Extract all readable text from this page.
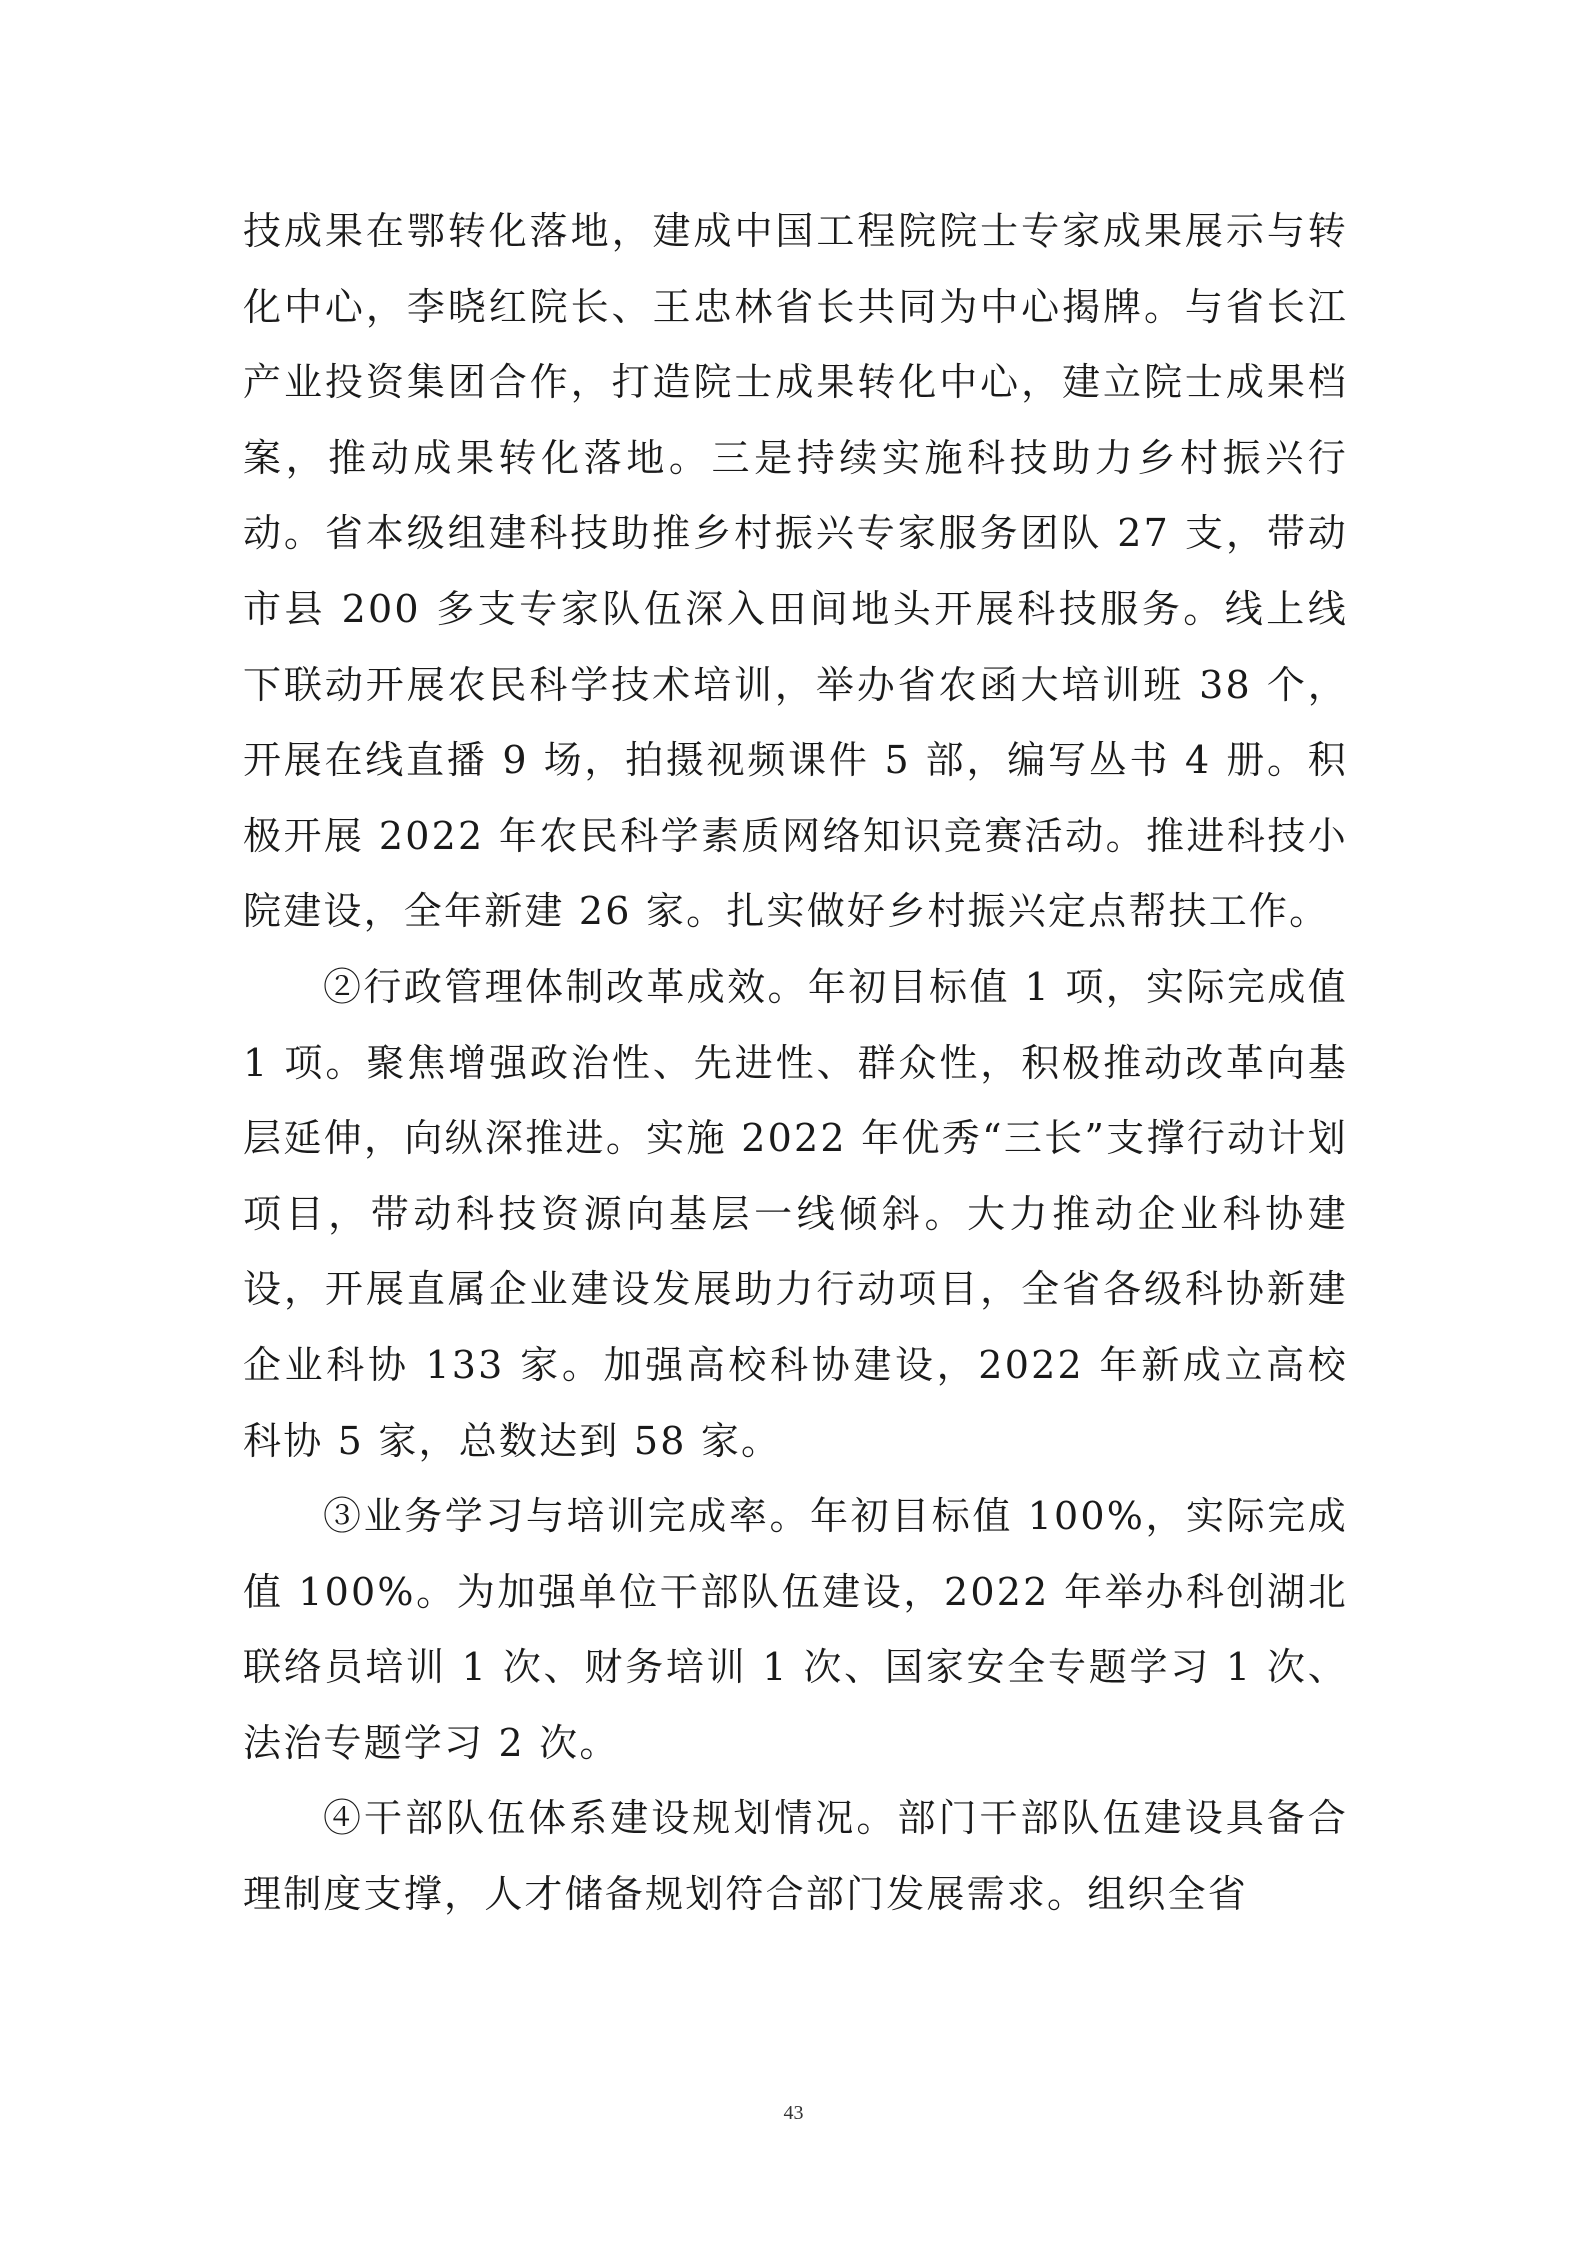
技成果在鄂转化落地，建成中国工程院院士专家成果展示与转化中心，李晓红院长、王忠林省长共同为中心揭牌。与省长江产业投资集团合作，打造院士成果转化中心，建立院士成果档案，推动成果转化落地。三是持续实施科技助力乡村振兴行动。省本级组建科技助推乡村振兴专家服务团队 27 支，带动市县 200 多支专家队伍深入田间地头开展科技服务。线上线下联动开展农民科学技术培训，举办省农函大培训班 38 个，开展在线直播 9 场，拍摄视频课件 5 部，编写丛书 4 册。积极开展 2022 年农民科学素质网络知识竞赛活动。推进科技小院建设，全年新建 26 家。扎实做好乡村振兴定点帮扶工作。

②行政管理体制改革成效。年初目标值 1 项，实际完成值 1 项。聚焦增强政治性、先进性、群众性，积极推动改革向基层延伸，向纵深推进。实施 2022 年优秀“三长”支撑行动计划项目，带动科技资源向基层一线倾斜。大力推动企业科协建设，开展直属企业建设发展助力行动项目，全省各级科协新建企业科协 133 家。加强高校科协建设，2022 年新成立高校科协 5 家，总数达到 58 家。

③业务学习与培训完成率。年初目标值 100%，实际完成值 100%。为加强单位干部队伍建设，2022 年举办科创湖北联络员培训 1 次、财务培训 1 次、国家安全专题学习 1 次、法治专题学习 2 次。

④干部队伍体系建设规划情况。部门干部队伍建设具备合理制度支撑，人才储备规划符合部门发展需求。组织全省

43
